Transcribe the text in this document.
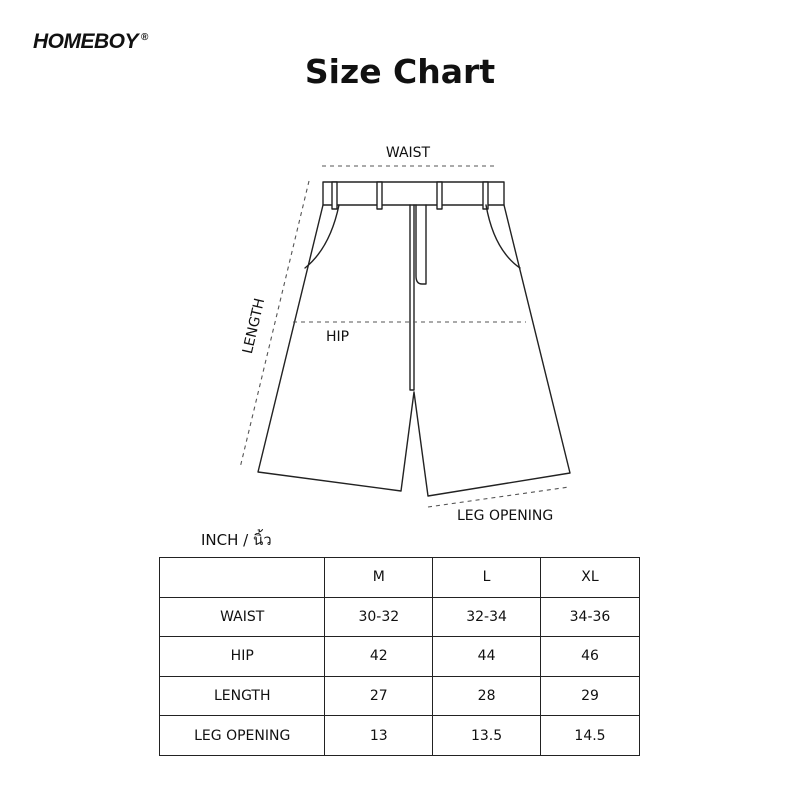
HOMEBOY ®
Size Chart
WAIST
HIP
LENGTH
LEG OPENING
INCH / นิ้ว
	M	L	XL
WAIST	30-32	32-34	34-36
HIP	42	44	46
LENGTH	27	28	29
LEG OPENING	13	13.5	14.5
